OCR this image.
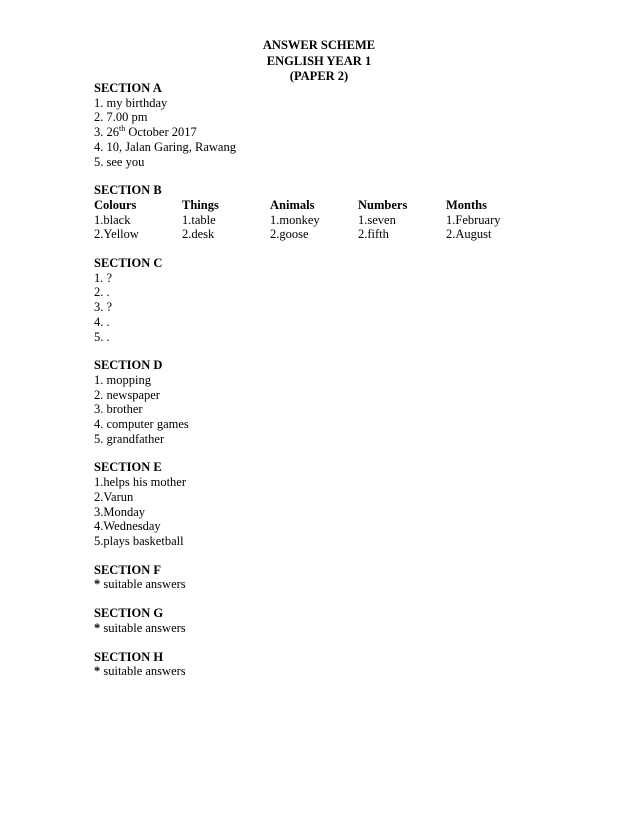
ANSWER SCHEME
ENGLISH YEAR 1
(PAPER 2)
SECTION A
1. my birthday
2. 7.00 pm
3. 26th October 2017
4. 10, Jalan Garing, Rawang
5. see you
SECTION B
Colours	Things	Animals	Numbers	Months
1.black	1.table	1.monkey	1.seven	1.February
2.Yellow	2.desk	2.goose	2.fifth	2.August
SECTION C
1. ?
2. .
3. ?
4. .
5. .
SECTION D
1. mopping
2. newspaper
3. brother
4. computer games
5. grandfather
SECTION E
1.helps his mother
2.Varun
3.Monday
4.Wednesday
5.plays basketball
SECTION F
* suitable answers
SECTION G
* suitable answers
SECTION H
* suitable answers
